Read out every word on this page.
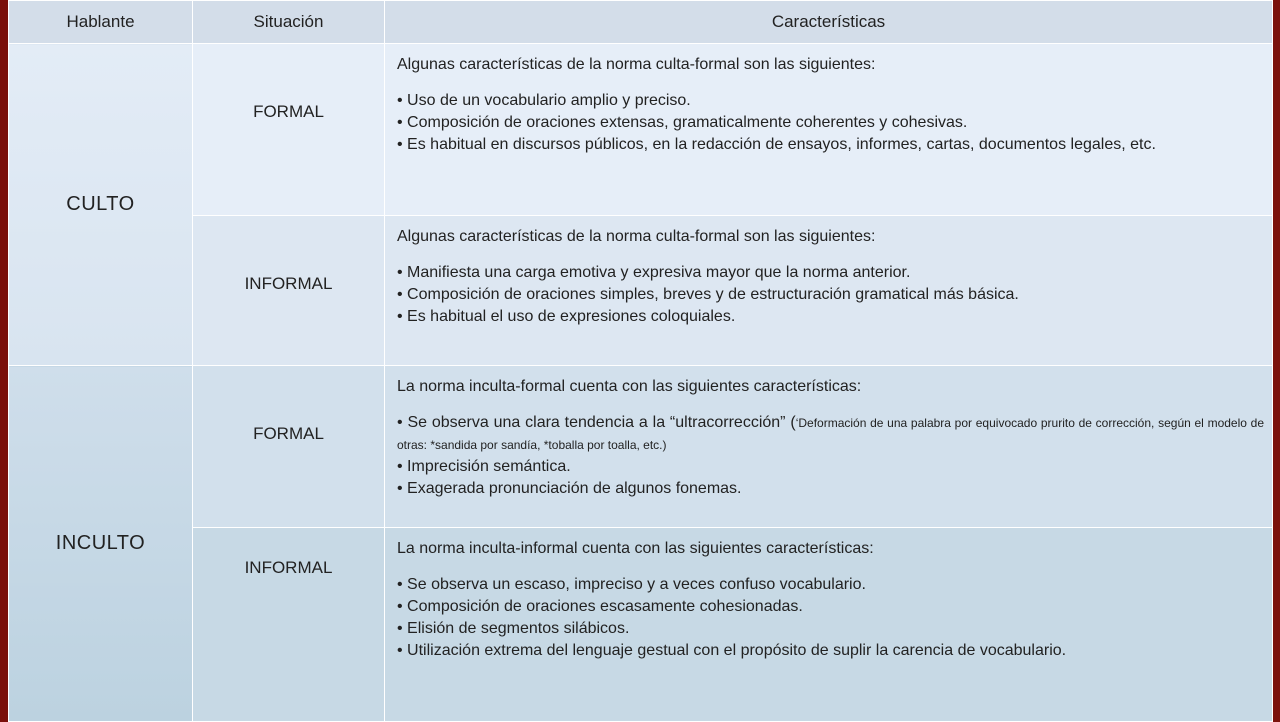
Hablante	Situación	Características
CULTO	FORMAL	Algunas características de la norma culta-formal son las siguientes:
• Uso de un vocabulario amplio y preciso.
• Composición de oraciones extensas, gramaticalmente coherentes y cohesivas.
• Es habitual en discursos públicos, en la redacción de ensayos, informes, cartas, documentos legales, etc.

	INFORMAL	Algunas características de la norma culta-formal son las siguientes:
• Manifiesta una carga emotiva y expresiva mayor que la norma anterior.
• Composición de oraciones simples, breves y de estructuración gramatical más básica.
• Es habitual el uso de expresiones coloquiales.

INCULTO	FORMAL	La norma inculta-formal cuenta con las siguientes características:
• Se observa una clara tendencia a la “ultracorrección” (‘Deformación de una palabra por equivocado prurito de corrección, según el modelo de otras: *sandida por sandía, *toballa por toalla, etc.)
• Imprecisión semántica.
• Exagerada pronunciación de algunos fonemas.

	INFORMAL	La norma inculta-informal cuenta con las siguientes características:
• Se observa un escaso, impreciso y a veces confuso vocabulario.
• Composición de oraciones escasamente cohesionadas.
• Elisión de segmentos silábicos.
• Utilización extrema del lenguaje gestual con el propósito de suplir la carencia de vocabulario.
